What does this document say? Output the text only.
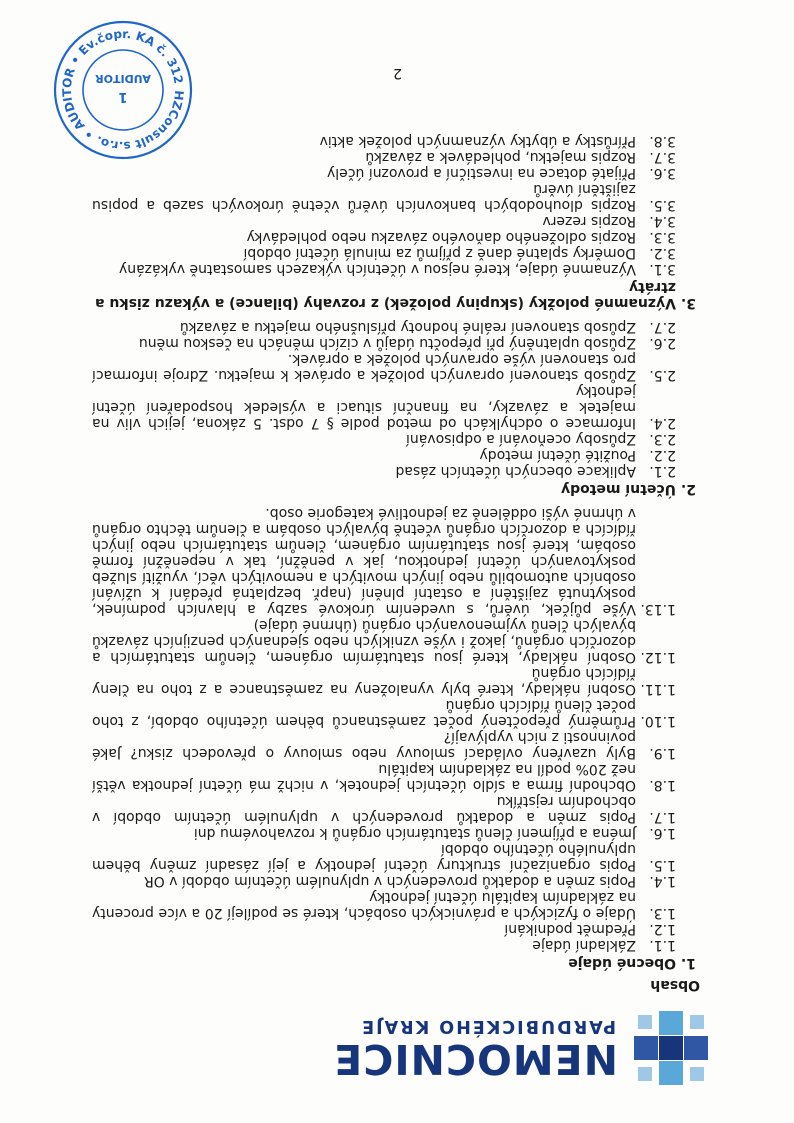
NEMOCNICE
PARDUBICKÉHO KRAJE
Obsah
1.
Obecné údaje
1.1.
Základní údaje
1.2.
Předmět podnikání
1.3.
Údaje o fyzických a právnických osobách, které se podílejí 20 a více procenty na základním kapitálu účetní jednotky
1.4.
Popis změn a dodatků provedených v uplynulém účetním období v OR
1.5.
Popis organizační struktury účetní jednotky a její zásadní změny během uplynulého účetního období
1.6.
Jména a příjmení členů statutárních orgánů k rozvahovému dni
1.7.
Popis změn a dodatků provedených v uplynulém účetním období v obchodním rejstříku
1.8.
Obchodní firma a sídlo účetních jednotek, v nichž má účetní jednotka větší než 20% podíl na základním kapitálu
1.9.
Byly uzavřeny ovládací smlouvy nebo smlouvy o převodech zisku? Jaké povinnosti z nich vyplývají?
1.10.
Průměrný přepočtený počet zaměstnanců během účetního období, z toho počet členů řídících orgánů
1.11.
Osobní náklady, které byly vynaloženy na zaměstnance a z toho na členy řídících orgánů
1.12.
Osobní náklady, které jsou statutárním orgánem, členům statutárních a dozorčích orgánů, jakož i výše vzniklých nebo sjednaných penzijních závazků bývalých členů vyjmenovaných orgánů (úhrnné údaje)
1.13.
Výše půjček, úvěrů, s uvedením úrokové sazby a hlavních podmínek, poskytnutá zajištění a ostatní plnění (např. bezplatná předání k užívání osobních automobilů nebo jiných movitých a nemovitých věcí, využití služeb poskytovaných účetní jednotkou, jak v peněžní, tak v nepeněžní formě osobám, které jsou statutárním orgánem, členům statutárních nebo jiných řídících a dozorčích orgánů včetně bývalých osobám a členům těchto orgánů v úhrnné výši odděleně za jednotlivé kategorie osob.
2.
Účetní metody
2.1.
Aplikace obecných účetních zásad
2.2.
Použité účetní metody
2.3.
Způsoby oceňování a odpisování
2.4.
Informace o odchylkách od metod podle § 7 odst. 5 zákona, jejich vliv na majetek a závazky, na finanční situaci a výsledek hospodaření účetní jednotky
2.5.
Způsob stanovení opravných položek a oprávek k majetku. Zdroje informací pro stanovení výše opravných položek a oprávek.
2.6.
Způsob uplatněný při přepočtu údajů v cizích měnách na českou měnu
2.7.
Způsob stanovení reálné hodnoty příslušného majetku a závazků
3.
Významné položky (skupiny položek) z rozvahy (bilance) a výkazu zisku a ztráty
3.1.
Významné údaje, které nejsou v účetních výkazech samostatně vykázány
3.2.
Doměrky splatné daně z příjmů za minulá účetní období
3.3.
Rozpis odloženého daňového závazku nebo pohledávky
3.4.
Rozpis rezerv
3.5.
Rozpis dlouhodobých bankovních úvěrů včetně úrokových sazeb a popisu zajištění úvěrů
3.6.
Přijaté dotace na investiční a provozní účely
3.7.
Rozpis majetku, pohledávek a závazků
3.8.
Přírůstky a úbytky významných položek aktiv
HZConsult s.r.o. • AUDITOR • Ev.čopr. KA č. 312
1
AUDITOR	2
